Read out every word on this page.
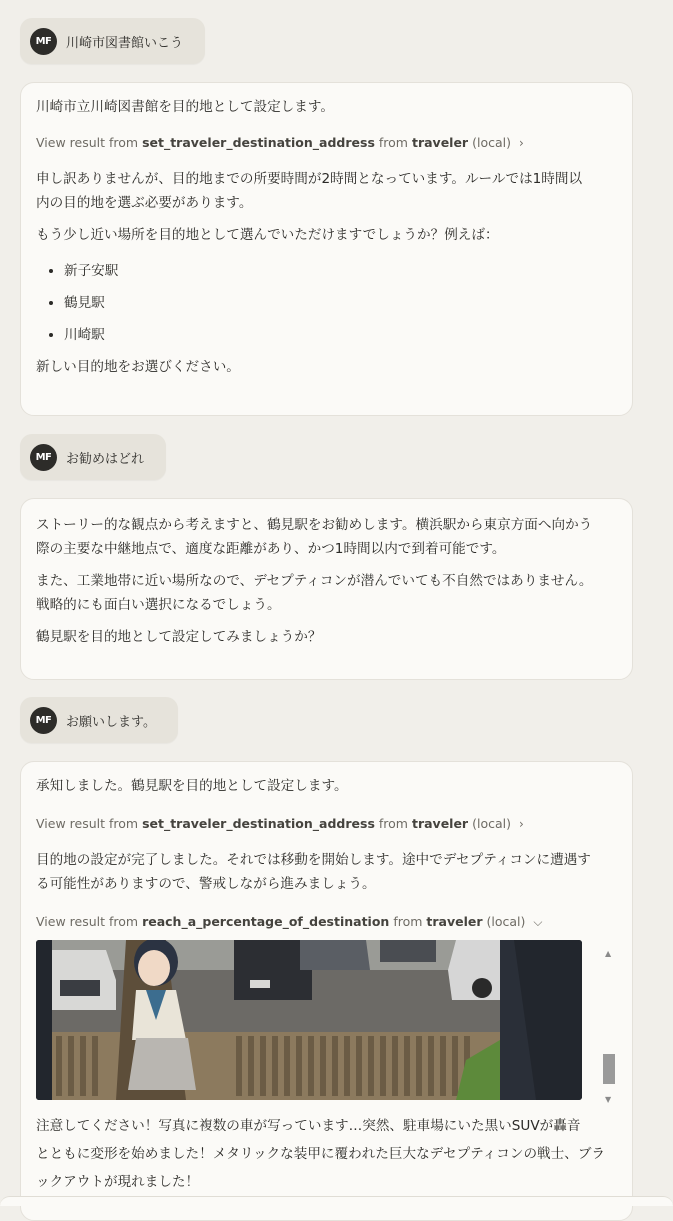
MF	川崎市図書館いこう

川崎市立川崎図書館を目的地として設定します。

View result from
set_traveler_destination_address
from
traveler
(local) ›

申し訳ありませんが、目的地までの所要時間が2時間となっています。ルールでは1時間以

内の目的地を選ぶ必要があります。

もう少し近い場所を目的地として選んでいただけますでしょうか？例えば：

• 新子安駅
• 鶴見駅
• 川崎駅

新しい目的地をお選びください。

MF	お勧めはどれ

ストーリー的な観点から考えますと、鶴見駅をお勧めします。横浜駅から東京方面へ向かう

際の主要な中継地点で、適度な距離があり、かつ1時間以内で到着可能です。

また、工業地帯に近い場所なので、デセプティコンが潜んでいても不自然ではありません。

戦略的にも面白い選択になるでしょう。

鶴見駅を目的地として設定してみましょうか？

MF	お願いします。

承知しました。鶴見駅を目的地として設定します。

View result from
set_traveler_destination_address
from
traveler
(local) ›

目的地の設定が完了しました。それでは移動を開始します。途中でデセプティコンに遭遇す

る可能性がありますので、警戒しながら進みましょう。

View result from
reach_a_percentage_of_destination
from
traveler
(local) ⌵
▲
▼

注意してください！写真に複数の車が写っています…突然、駐車場にいた黒いSUVが轟音

とともに変形を始めました！メタリックな装甲に覆われた巨大なデセプティコンの戦士、ブラ

ックアウトが現れました！
